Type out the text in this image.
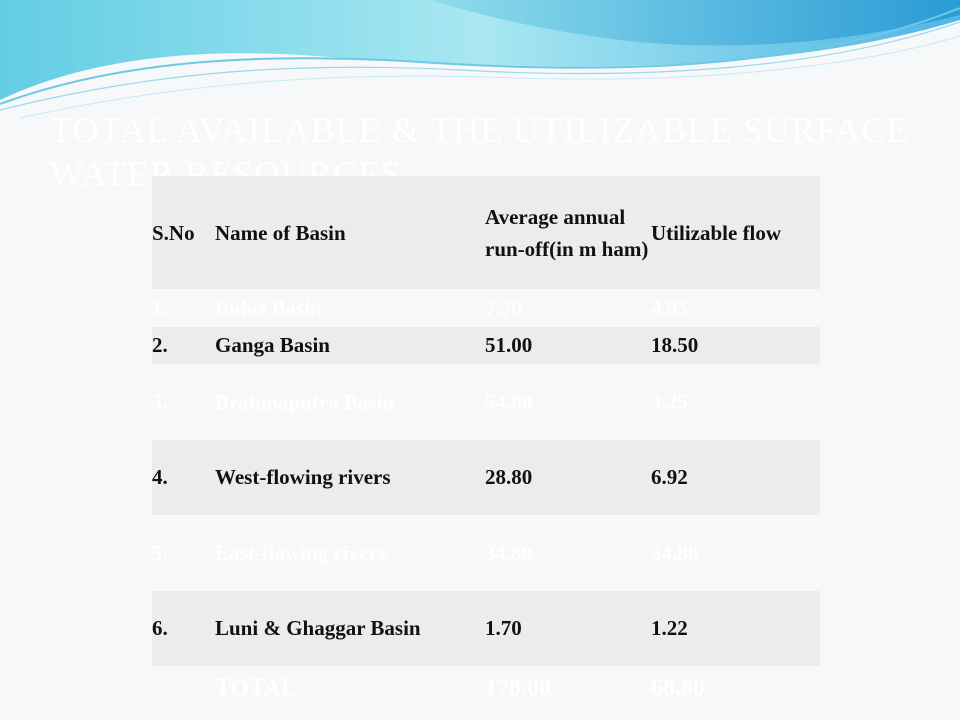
TOTAL AVAILABLE & THE UTILIZABLE SURFACE WATER RESOURCES
S.No	Name of Basin	Average annual run-off(in m ham)	Utilizable flow
1.	Indus Basin	7.70	4.95
2.	Ganga Basin	51.00	18.50
3.	Brahmaputra Basin	54.00	3.25
4.	West-flowing rivers	28.80	6.92
5.	East-flowing rivers	34.80	34.80
6.	Luni & Ghaggar Basin	1.70	1.22
	TOTAL	178.00	68.80
